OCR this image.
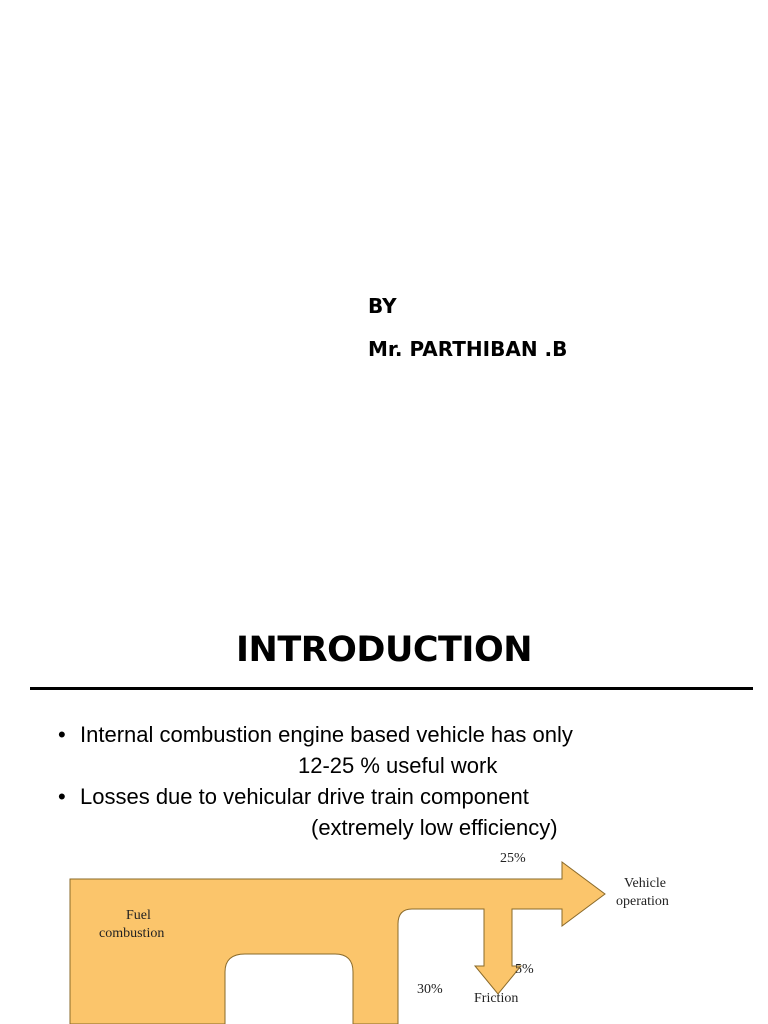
BY
Mr. PARTHIBAN .B
INTRODUCTION
• Internal combustion engine based vehicle has only
12-25 % useful work
• Losses due to vehicular drive train component
(extremely low efficiency)
25%
Vehicle
operation
Fuel
combustion
5%
Friction
30%
